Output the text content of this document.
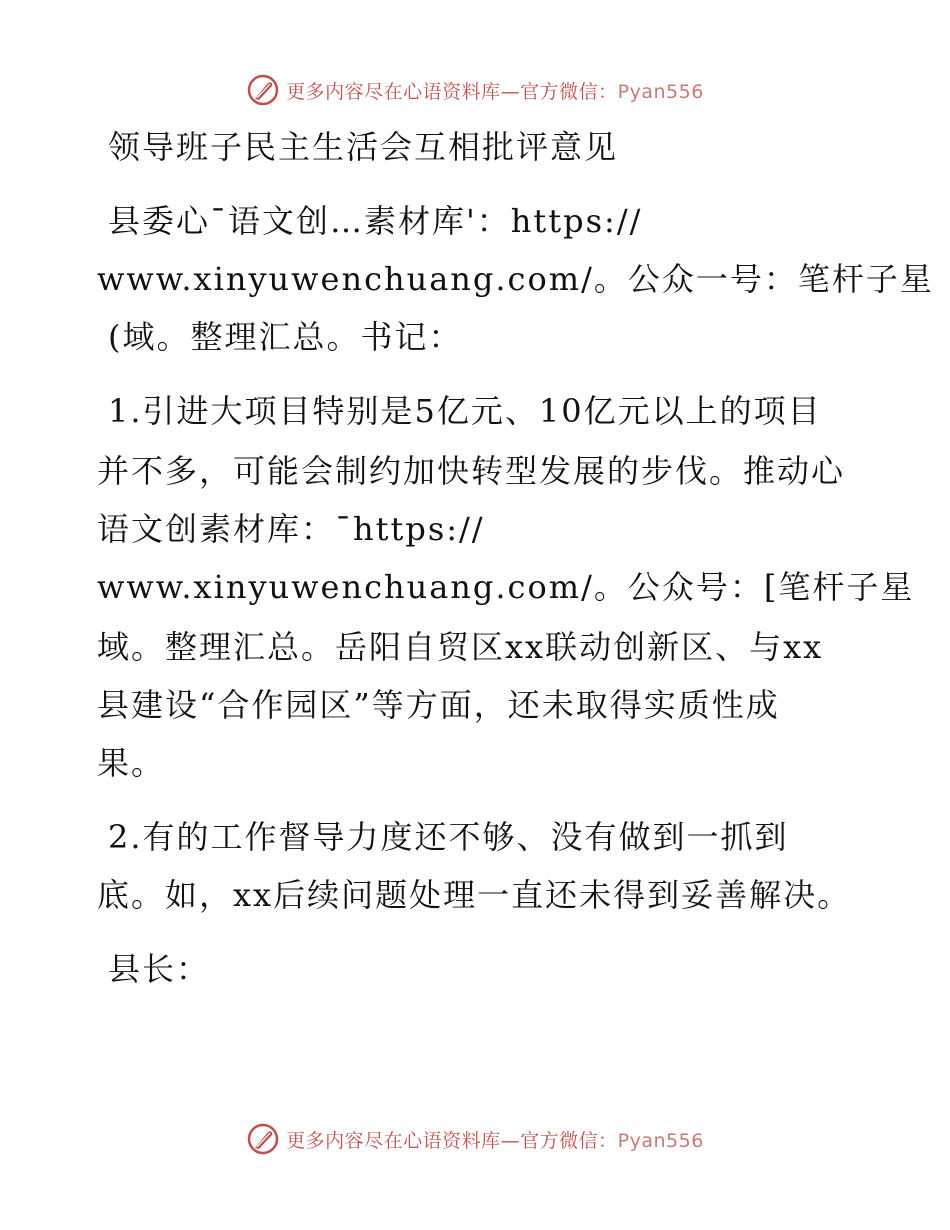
更多内容尽在心语资料库—官方微信：Pyan556
领导班子民主生活会互相批评意见
县委心¯语文创…素材库'：https://
www.xinyuwenchuang.com/。公众一号：笔杆子星
(域。整理汇总。书记：
1.引进大项目特别是5亿元、10亿元以上的项目
并不多，可能会制约加快转型发展的步伐。推动心
语文创素材库：¯https://
www.xinyuwenchuang.com/。公众号：[笔杆子星
域。整理汇总。岳阳自贸区xx联动创新区、与xx
县建设“合作园区”等方面，还未取得实质性成
果。
2.有的工作督导力度还不够、没有做到一抓到
底。如，xx后续问题处理一直还未得到妥善解决。
县长：
更多内容尽在心语资料库—官方微信：Pyan556
